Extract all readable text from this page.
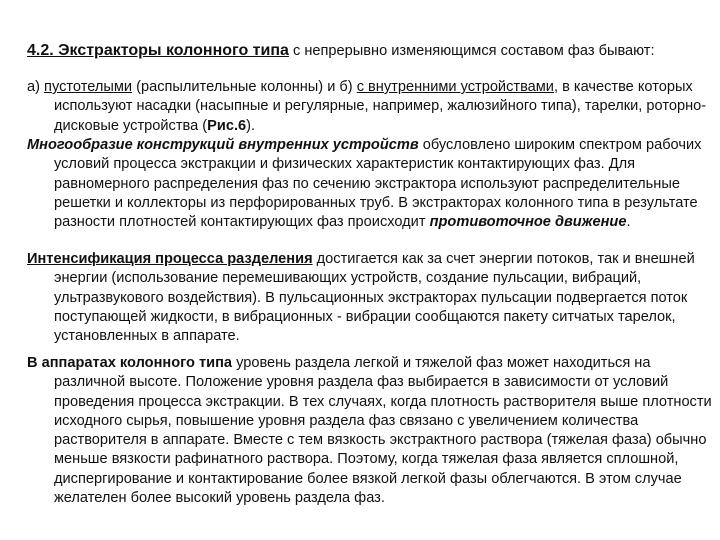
4.2. Экстракторы колонного типа с непрерывно изменяющимся составом фаз бывают:

а) пустотелыми (распылительные колонны) и б) с внутренними устройствами, в качестве которых используют насадки (насыпные и регулярные, например, жалюзийного типа), тарелки, роторно-дисковые устройства (Рис.6).

Многообразие конструкций внутренних устройств обусловлено широким спектром рабочих условий процесса экстракции и физических характеристик контактирующих фаз. Для равномерного распределения фаз по сечению экстрактора используют распределительные решетки и коллекторы из перфорированных труб. В экстракторах колонного типа в результате разности плотностей контактирующих фаз происходит противоточное движение.

Интенсификация процесса разделения достигается как за счет энергии потоков, так и внешней энергии (использование перемешивающих устройств, создание пульсации, вибраций, ультразвукового воздействия). В пульсационных экстракторах пульсации подвергается поток поступающей жидкости, в вибрационных - вибрации сообщаются пакету ситчатых тарелок, установленных в аппарате.

В аппаратах колонного типа уровень раздела легкой и тяжелой фаз может находиться на различной высоте. Положение уровня раздела фаз выбирается в зависимости от условий проведения процесса экстракции. В тех случаях, когда плотность растворителя выше плотности исходного сырья, повышение уровня раздела фаз связано с увеличением количества растворителя в аппарате. Вместе с тем вязкость экстрактного раствора (тяжелая фаза) обычно меньше вязкости рафинатного раствора. Поэтому, когда тяжелая фаза является сплошной, диспергирование и контактирование более вязкой легкой фазы облегчаются. В этом случае желателен более высокий уровень раздела фаз.
